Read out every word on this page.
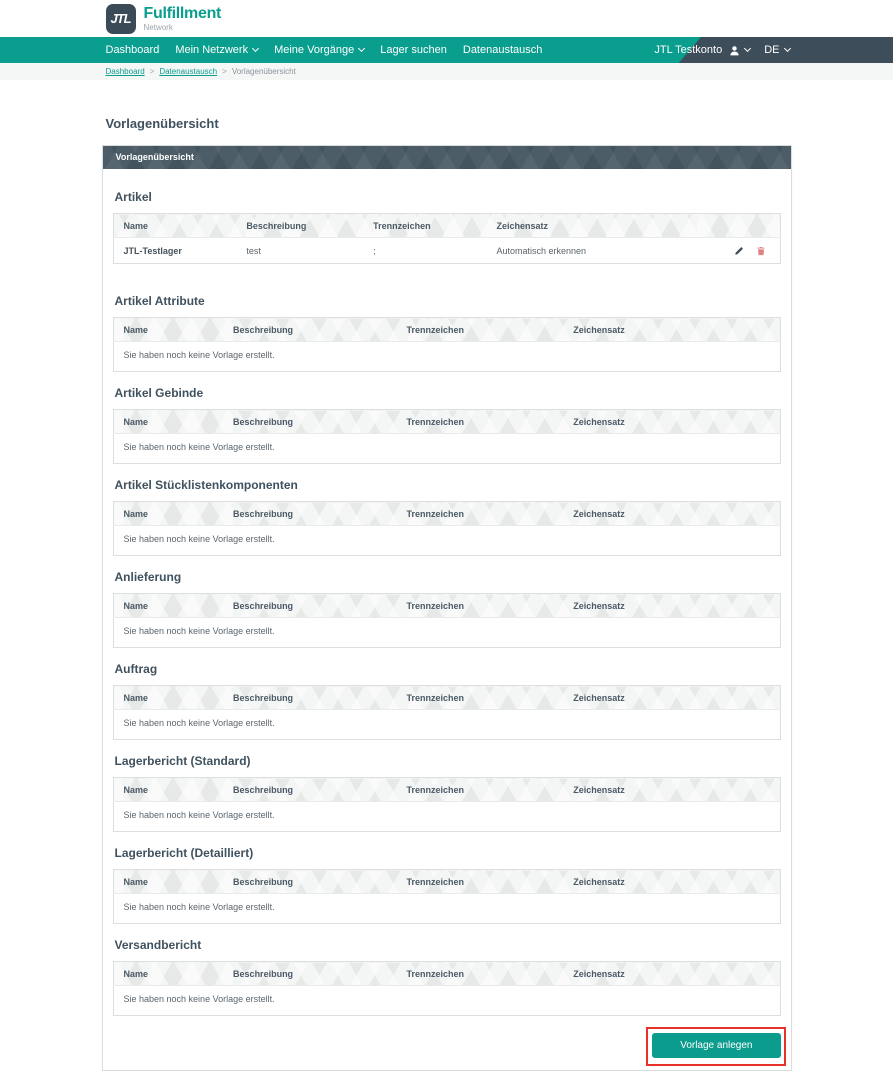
JTL Fulfillment
Network
Dashboard Mein Netzwerk Meine Vorgänge Lager suchen Datenaustausch	JTL Testkonto	DE
Dashboard > Datenaustausch > Vorlagenübersicht
Vorlagenübersicht
Vorlagenübersicht
Artikel
Name	Beschreibung	Trennzeichen	Zeichensatz	
JTL-Testlager	test	;	Automatisch erkennen	
Artikel Attribute
Name	Beschreibung	Trennzeichen	Zeichensatz
Sie haben noch keine Vorlage erstellt.
Artikel Gebinde
Name	Beschreibung	Trennzeichen	Zeichensatz
Sie haben noch keine Vorlage erstellt.
Artikel Stücklistenkomponenten
Name	Beschreibung	Trennzeichen	Zeichensatz
Sie haben noch keine Vorlage erstellt.
Anlieferung
Name	Beschreibung	Trennzeichen	Zeichensatz
Sie haben noch keine Vorlage erstellt.
Auftrag
Name	Beschreibung	Trennzeichen	Zeichensatz
Sie haben noch keine Vorlage erstellt.
Lagerbericht (Standard)
Name	Beschreibung	Trennzeichen	Zeichensatz
Sie haben noch keine Vorlage erstellt.
Lagerbericht (Detailliert)
Name	Beschreibung	Trennzeichen	Zeichensatz
Sie haben noch keine Vorlage erstellt.
Versandbericht
Name	Beschreibung	Trennzeichen	Zeichensatz
Sie haben noch keine Vorlage erstellt.
Vorlage anlegen
